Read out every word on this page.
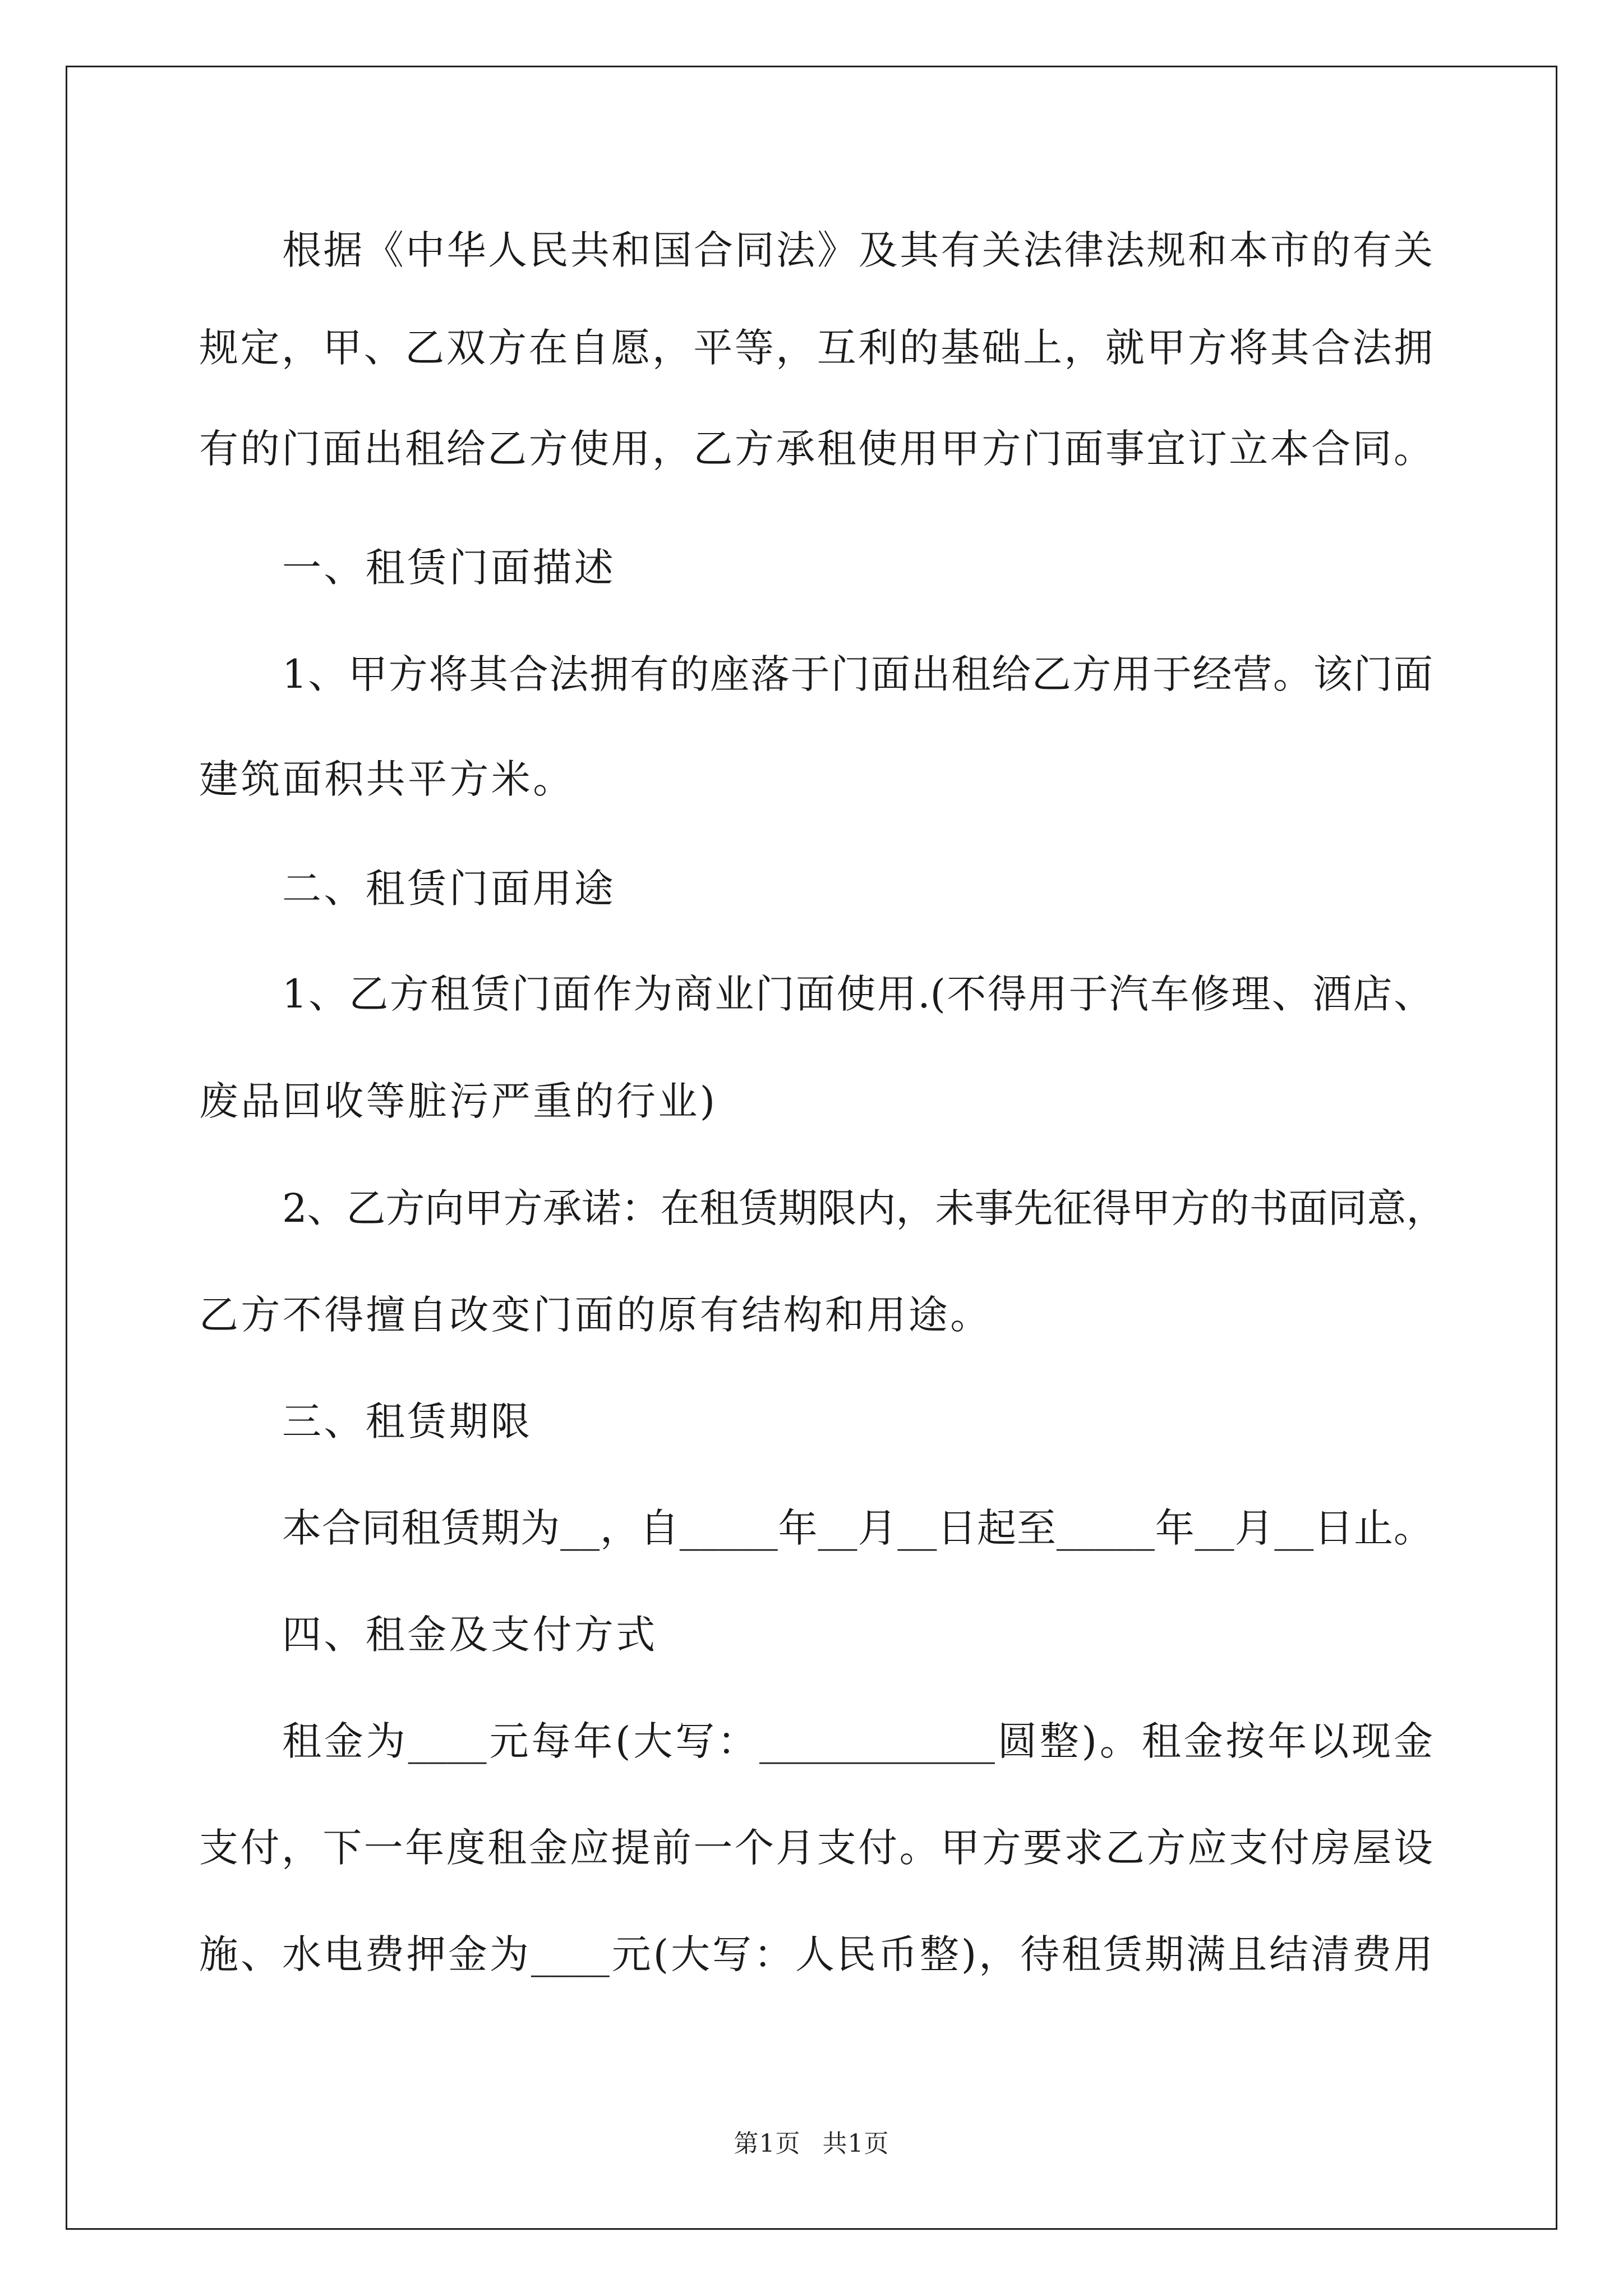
根据《中华人民共和国合同法》及其有关法律法规和本市的有关
规定，甲、乙双方在自愿，平等，互利的基础上，就甲方将其合法拥
有的门面出租给乙方使用，乙方承租使用甲方门面事宜订立本合同。
一、租赁门面描述
1、甲方将其合法拥有的座落于门面出租给乙方用于经营。该门面
建筑面积共平方米。
二、租赁门面用途
1、乙方租赁门面作为商业门面使用.(不得用于汽车修理、酒店、
废品回收等脏污严重的行业)
2、乙方向甲方承诺：在租赁期限内，未事先征得甲方的书面同意，
乙方不得擅自改变门面的原有结构和用途。
三、租赁期限
本合同租赁期为__，自_____年__月__日起至_____年__月__日止。
四、租金及支付方式
租金为____元每年(大写：____________圆整)。租金按年以现金
支付，下一年度租金应提前一个月支付。甲方要求乙方应支付房屋设
施、水电费押金为____元(大写：人民币整)，待租赁期满且结清费用
第1页 共1页
